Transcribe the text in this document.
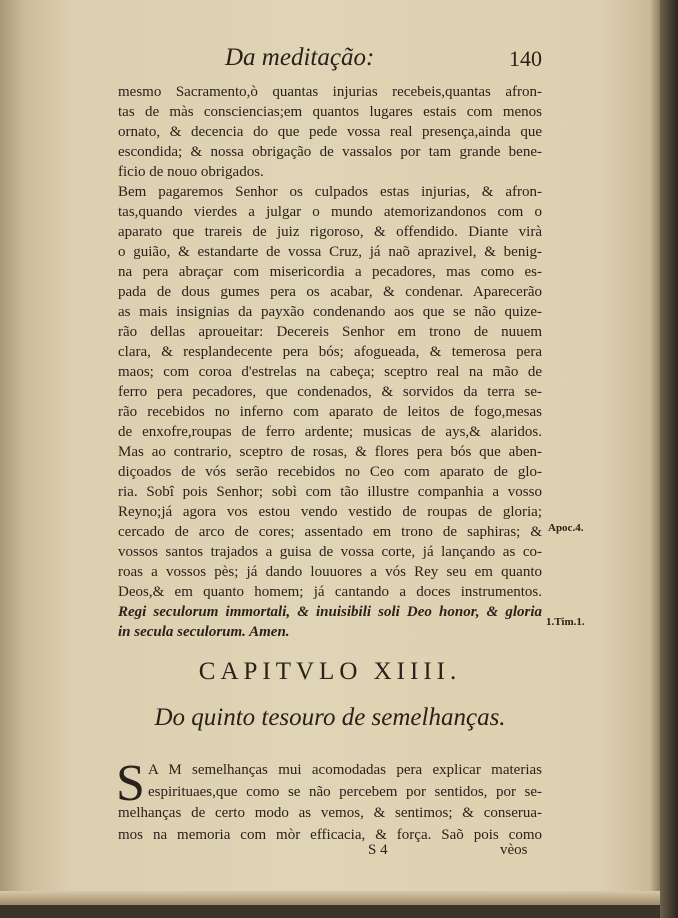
Da meditação:	140
mesmo Sacramento,ò quantas injurias recebeis,quantas afron-
tas de màs consciencias;em quantos lugares estais com menos
ornato, & decencia do que pede vossa real presença,ainda que
escondida; & nossa obrigação de vassalos por tam grande bene-
ficio de nouo obrigados.
Bem pagaremos Senhor os culpados estas injurias, & afron-
tas,quando vierdes a julgar o mundo atemorizandonos com o
aparato que trareis de juiz rigoroso, & offendido. Diante virà
o guião, & estandarte de vossa Cruz, já naõ aprazivel, & benig-
na pera abraçar com misericordia a pecadores, mas como es-
pada de dous gumes pera os acabar, & condenar. Aparecerão
as mais insignias da payxão condenando aos que se não quize-
rão dellas aproueitar: Decereis Senhor em trono de nuuem
clara, & resplandecente pera bós; afogueada, & temerosa pera
maos; com coroa d'estrelas na cabeça; sceptro real na mão de
ferro pera pecadores, que condenados, & sorvidos da terra se-
rão recebidos no inferno com aparato de leitos de fogo,mesas
de enxofre,roupas de ferro ardente; musicas de ays,& alaridos.
Mas ao contrario, sceptro de rosas, & flores pera bós que aben-
diçoados de vós serão recebidos no Ceo com aparato de glo-
ria. Sobî pois Senhor; sobì com tão illustre companhia a vosso
Reyno;já agora vos estou vendo vestido de roupas de gloria;
cercado de arco de cores; assentado em trono de saphiras; &
vossos santos trajados a guisa de vossa corte, já lançando as co-
roas a vossos pès; já dando louuores a vós Rey seu em quanto
Deos,& em quanto homem; já cantando a doces instrumentos.
Regi seculorum immortali, & inuisibili soli Deo honor, & gloria
in secula seculorum. Amen.
Apoc.4.
1.Tim.1.
CAPITVLO XIIII.
Do quinto tesouro de semelhanças.
S A M semelhanças mui acomodadas pera explicar materias
espirituaes,que como se não percebem por sentidos, por se-
melhanças de certo modo as vemos, & sentimos; & conserua-
mos na memoria com mòr efficacia, & força. Saõ pois como
S 4	vèos
